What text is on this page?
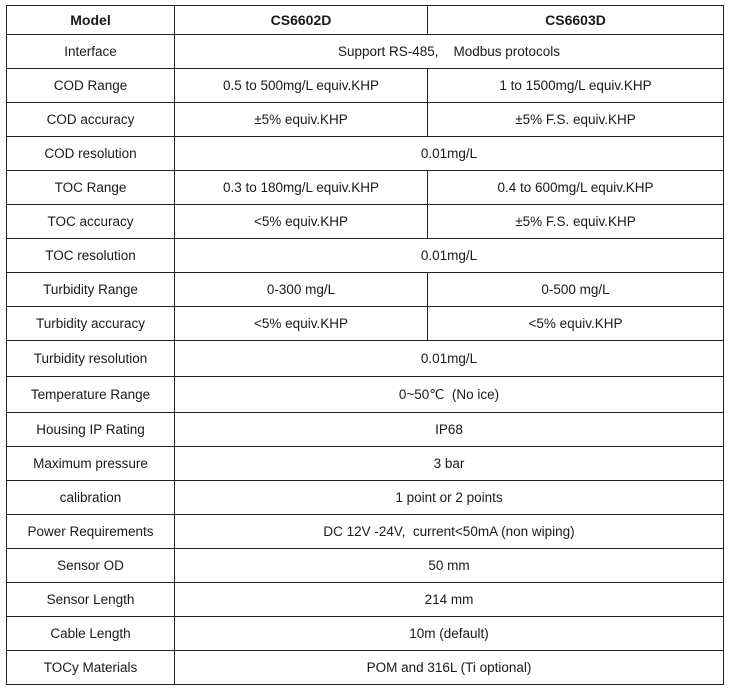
Model	CS6602D	CS6603D
Interface	Support RS-485,    Modbus protocols	
COD Range	0.5 to 500mg/L equiv.KHP	1 to 1500mg/L equiv.KHP
COD accuracy	±5% equiv.KHP	±5% F.S. equiv.KHP
COD resolution	0.01mg/L	
TOC Range	0.3 to 180mg/L equiv.KHP	0.4 to 600mg/L equiv.KHP
TOC accuracy	<5% equiv.KHP	±5% F.S. equiv.KHP
TOC resolution	0.01mg/L	
Turbidity Range	0-300 mg/L	0-500 mg/L
Turbidity accuracy	<5% equiv.KHP	<5% equiv.KHP
Turbidity resolution	0.01mg/L	
Temperature Range	0~50℃  (No ice)	
Housing IP Rating	IP68	
Maximum pressure	3 bar	
calibration	1 point or 2 points	
Power Requirements	DC 12V -24V,  current<50mA (non wiping)	
Sensor OD	50 mm	
Sensor Length	214 mm	
Cable Length	10m (default)	
TOCy Materials	POM and 316L (Ti optional)	
